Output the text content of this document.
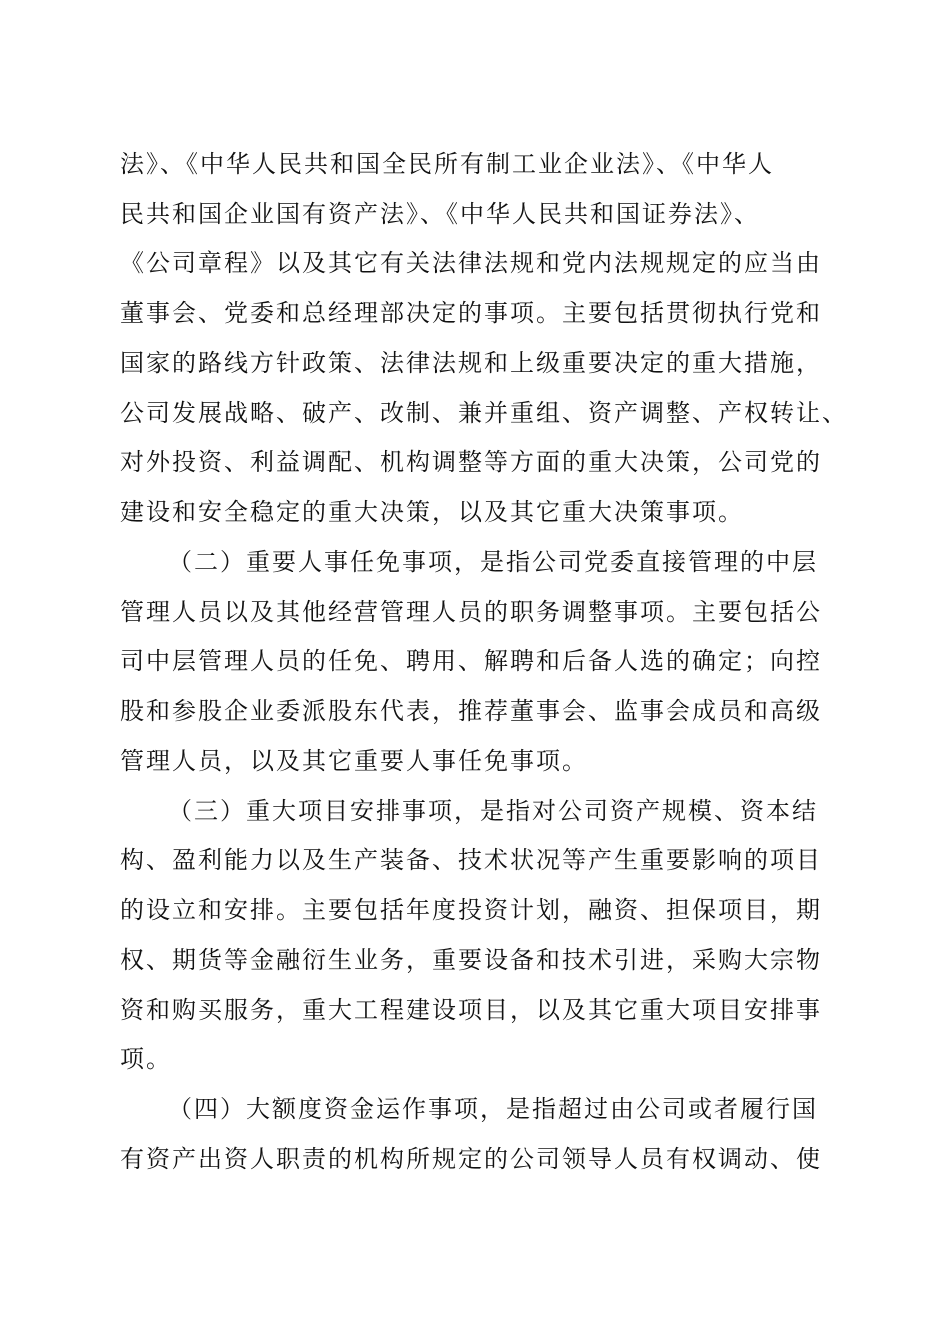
法》、《中华人民共和国全民所有制工业企业法》、《中华人
民共和国企业国有资产法》、《中华人民共和国证券法》、
《公司章程》以及其它有关法律法规和党内法规规定的应当由
董事会、党委和总经理部决定的事项。主要包括贯彻执行党和
国家的路线方针政策、法律法规和上级重要决定的重大措施，
公司发展战略、破产、改制、兼并重组、资产调整、产权转让、
对外投资、利益调配、机构调整等方面的重大决策，公司党的
建设和安全稳定的重大决策，以及其它重大决策事项。
（二）重要人事任免事项，是指公司党委直接管理的中层
管理人员以及其他经营管理人员的职务调整事项。主要包括公
司中层管理人员的任免、聘用、解聘和后备人选的确定；向控
股和参股企业委派股东代表，推荐董事会、监事会成员和高级
管理人员，以及其它重要人事任免事项。
（三）重大项目安排事项，是指对公司资产规模、资本结
构、盈利能力以及生产装备、技术状况等产生重要影响的项目
的设立和安排。主要包括年度投资计划，融资、担保项目，期
权、期货等金融衍生业务，重要设备和技术引进，采购大宗物
资和购买服务，重大工程建设项目，以及其它重大项目安排事
项。
（四）大额度资金运作事项，是指超过由公司或者履行国
有资产出资人职责的机构所规定的公司领导人员有权调动、使
